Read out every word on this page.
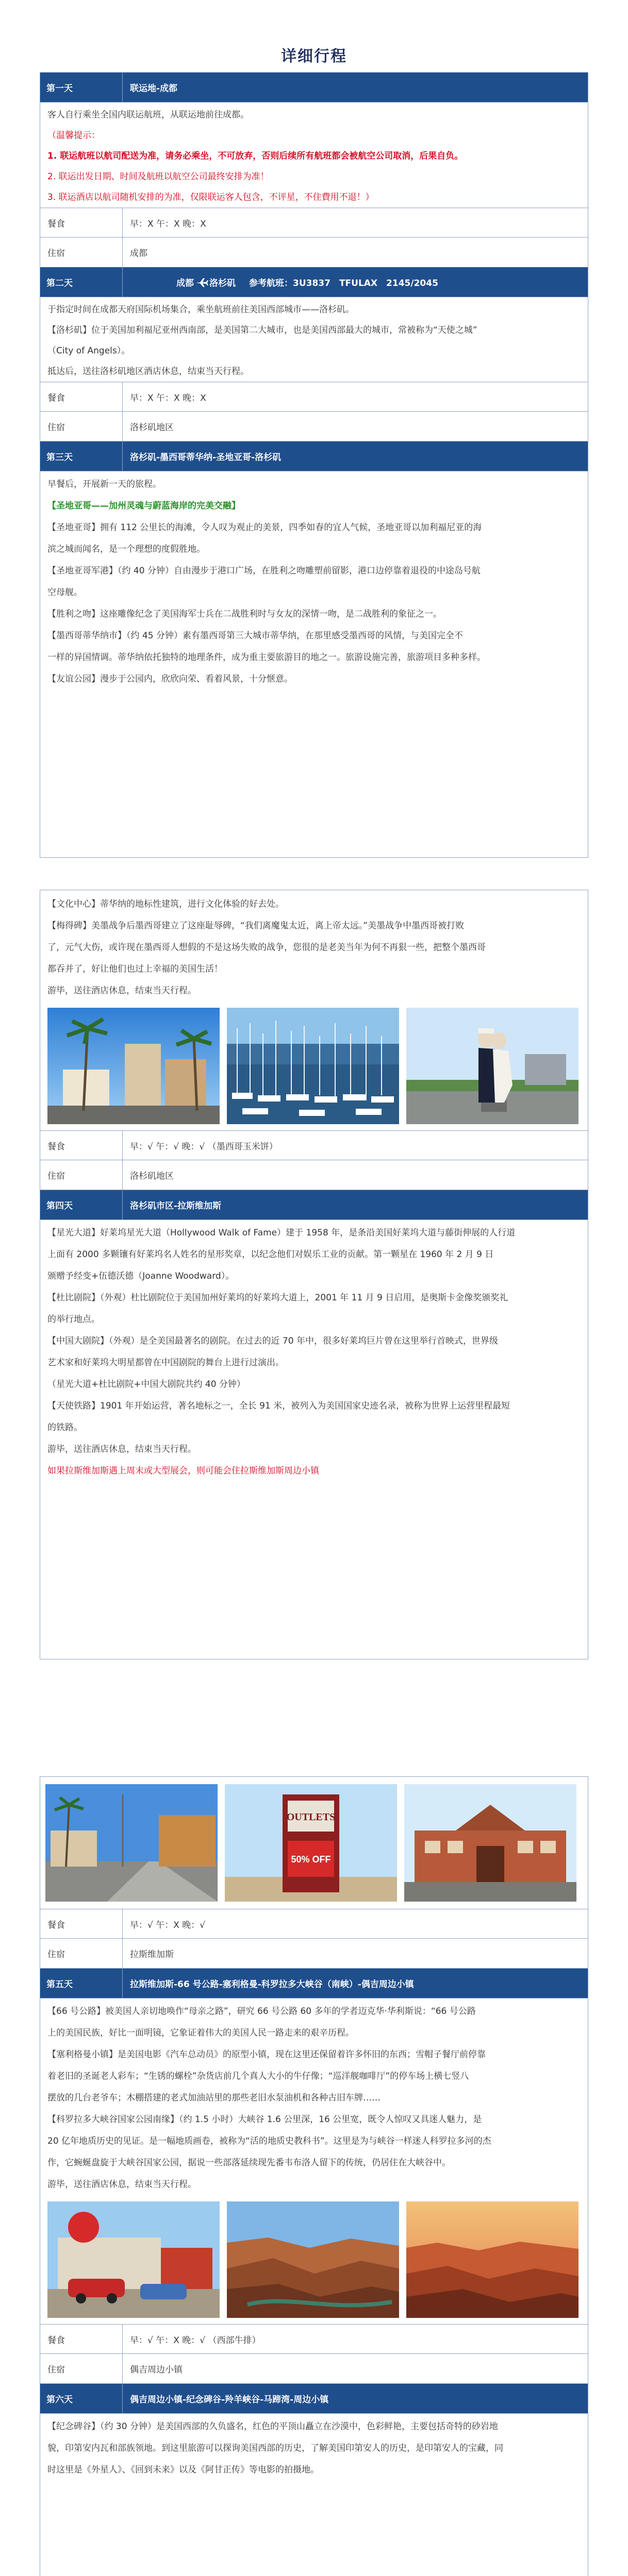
详细行程
第一天	联运地-成都

客人自行乘坐全国内联运航班，从联运地前往成都。

（温馨提示：

1. 联运航班以航司配送为准，请务必乘坐，不可放弃，否则后续所有航班都会被航空公司取消，后果自负。

2. 联运出发日期、时间及航班以航空公司最终安排为准！

3. 联运酒店以航司随机安排的为准，仅限联运客人包含，不评星，不住費用不退！）

餐食	早：X 午：X 晚：X
住宿	成都
第二天	成都 洛杉矶 参考航班：3U3837　TFULAX　2145/2045

于指定时间在成都天府国际机场集合，乘坐航班前往美国西部城市——洛杉矶。

【洛杉矶】位于美国加利福尼亚州西南部，是美国第二大城市，也是美国西部最大的城市，常被称为“天使之城”

（City of Angels）。

抵达后，送往洛杉矶地区酒店休息，结束当天行程。

餐食	早：X 午：X 晚：X
住宿	洛杉矶地区
第三天	洛杉矶-墨西哥蒂华纳-圣地亚哥-洛杉矶

早餐后，开展新一天的旅程。

【圣地亚哥——加州灵魂与蔚蓝海岸的完美交融】

【圣地亚哥】拥有 112 公里长的海滩，令人叹为观止的美景，四季如春的宜人气候，圣地亚哥以加利福尼亚的海

滨之城而闻名，是一个理想的度假胜地。

【圣地亚哥军港】（约 40 分钟）自由漫步于港口广场，在胜利之吻雕塑前留影，港口边停靠着退役的中途岛号航

空母舰。

【胜利之吻】这座雕像纪念了美国海军士兵在二战胜利时与女友的深情一吻，是二战胜利的象征之一。

【墨西哥蒂华纳市】（约 45 分钟）素有墨西哥第三大城市蒂华纳，在那里感受墨西哥的风情，与美国完全不

一样的异国情调。蒂华纳依托独特的地理条件，成为重主要旅游目的地之一。旅游设施完善，旅游项目多种多样。

【友谊公园】漫步于公园内，欣欣向荣、看着风景，十分惬意。

【文化中心】蒂华纳的地标性建筑，进行文化体验的好去处。

【梅得碑】美墨战争后墨西哥建立了这座耻辱碑，“我们离魔鬼太近，离上帝太远。”美墨战争中墨西哥被打败

了，元气大伤，或许现在墨西哥人想假的不是这场失败的战争，您很的是老美当年为何不再狠一些，把整个墨西哥

都吞并了，好让他们也过上幸福的美国生活！

游毕，送往酒店休息，结束当天行程。

餐食	早：√ 午：√ 晚：√ （墨西哥玉米饼）
住宿	洛杉矶地区
第四天	洛杉矶市区-拉斯维加斯

【星光大道】好莱坞星光大道（Hollywood Walk of Fame）建于 1958 年，是条沿美国好莱坞大道与藤街伸展的人行道

上面有 2000 多颗镶有好莱坞名人姓名的星形奖章，以纪念他们对娱乐工业的贡献。第一颗星在 1960 年 2 月 9 日

颁赠予经变+伍德沃德（Joanne Woodward）。

【杜比剧院】（外观）杜比剧院位于美国加州好莱坞的好莱坞大道上，2001 年 11 月 9 日启用，是奥斯卡金像奖颁奖礼

的举行地点。

【中国大剧院】（外观）是全美国最著名的剧院。在过去的近 70 年中，很多好莱坞巨片曾在这里举行首映式，世界级

艺术家和好莱坞大明星都曾在中国剧院的舞台上进行过演出。

（星光大道+杜比剧院+中国大剧院共约 40 分钟）

【天使铁路】1901 年开始运营，著名地标之一，全长 91 米，被列入为美国国家史迹名录，被称为世界上运营里程最短

的铁路。

游毕，送往酒店休息，结束当天行程。

如果拉斯维加斯遇上周末或大型展会，则可能会住拉斯维加斯周边小镇

OUTLETS
50% OFF
餐食	早：√ 午：X 晚：√
住宿	拉斯维加斯
第五天	拉斯维加斯-66 号公路-塞利格曼-科罗拉多大峡谷（南峡）-偶吉周边小镇

【66 号公路】被美国人亲切地唤作“母亲之路”，研究 66 号公路 60 多年的学者迈克华·华利斯说：“66 号公路

上的美国民族，好比一面明镜，它象证着伟大的美国人民一路走来的艰辛历程。

【塞利格曼小镇】是美国电影《汽车总动员》的原型小镇，现在这里还保留着许多怀旧的东西；雪帽子餐厅前停靠

着老旧的圣诞老人彩车；“生锈的螺栓”杂货店前几个真人大小的牛仔像；“巡洋舰咖啡厅”的停车场上横七竖八

摆放的几台老爷车；木棚搭建的老式加油站里的那些老旧水泵油机和各种古旧车牌……

【科罗拉多大峡谷国家公园南缘】（约 1.5 小时）大峡谷 1.6 公里深，16 公里宽，既令人惊叹又具迷人魅力，是

20 亿年地质历史的见证。是一幅地质画卷，被称为“活的地质史教科书”。这里是为与峡谷一样迷人科罗拉多河的杰

作，它蜿蜒盘旋于大峡谷国家公园，据说一些部落延续现先番韦布洛人留下的传统，仍居住在大峡谷中。

游毕，送往酒店休息，结束当天行程。

餐食	早：√ 午：X 晚：√ （西部牛排）
住宿	偶吉周边小镇
第六天	偶吉周边小镇-纪念碑谷-羚羊峡谷-马蹄湾-周边小镇

【纪念碑谷】（约 30 分钟）是美国西部的久负盛名，红色的平顶山矗立在沙漠中，色彩鲜艳，主要包括奇特的砂岩地

貌，印第安内瓦和部族领地。到这里旅游可以探询美国西部的历史，了解美国印第安人的历史，是印第安人的宝藏，同

时这里是《外星人》、《回到未来》以及《阿甘正传》等电影的拍摄地。
